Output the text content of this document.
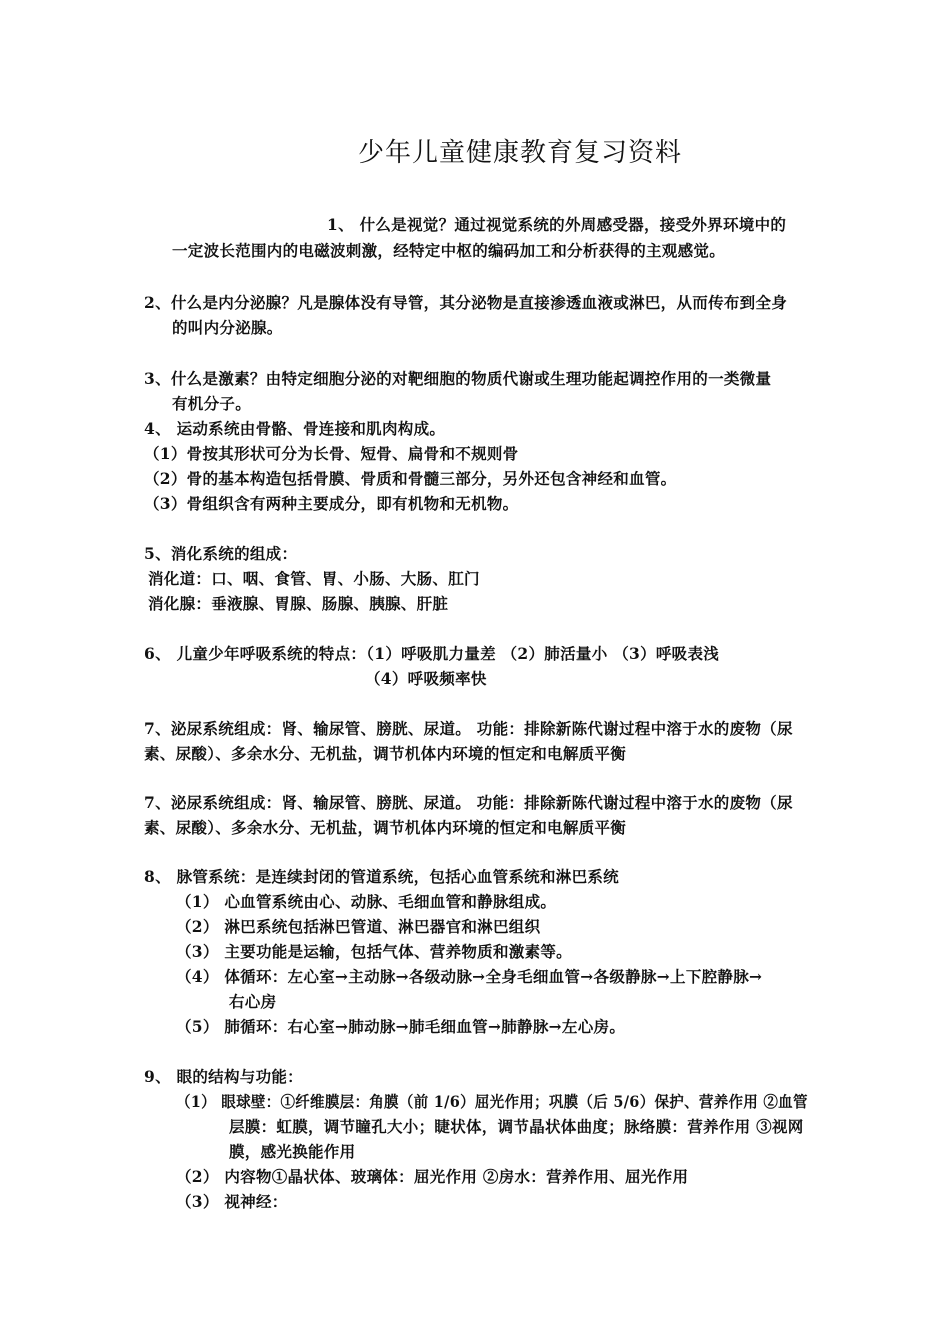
少年儿童健康教育复习资料
1、 什么是视觉？通过视觉系统的外周感受器，接受外界环境中的
一定波长范围内的电磁波刺激，经特定中枢的编码加工和分析获得的主观感觉。
2、什么是内分泌腺？凡是腺体没有导管，其分泌物是直接渗透血液或淋巴，从而传布到全身
的叫内分泌腺。
3、什么是激素？由特定细胞分泌的对靶细胞的物质代谢或生理功能起调控作用的一类微量
有机分子。
4、 运动系统由骨骼、骨连接和肌肉构成。
（1）骨按其形状可分为长骨、短骨、扁骨和不规则骨
（2）骨的基本构造包括骨膜、骨质和骨髓三部分，另外还包含神经和血管。
（3）骨组织含有两种主要成分，即有机物和无机物。
5、消化系统的组成：
消化道：口、咽、食管、胃、小肠、大肠、肛门
消化腺：垂液腺、胃腺、肠腺、胰腺、肝脏
6、 儿童少年呼吸系统的特点：（1）呼吸肌力量差 （2）肺活量小 （3）呼吸表浅
（4）呼吸频率快
7、泌尿系统组成：肾、输尿管、膀胱、尿道。 功能：排除新陈代谢过程中溶于水的废物（尿
素、尿酸）、多余水分、无机盐，调节机体内环境的恒定和电解质平衡
7、泌尿系统组成：肾、输尿管、膀胱、尿道。 功能：排除新陈代谢过程中溶于水的废物（尿
素、尿酸）、多余水分、无机盐，调节机体内环境的恒定和电解质平衡
8、 脉管系统：是连续封闭的管道系统，包括心血管系统和淋巴系统
（1） 心血管系统由心、动脉、毛细血管和静脉组成。
（2） 淋巴系统包括淋巴管道、淋巴器官和淋巴组织
（3） 主要功能是运输，包括气体、营养物质和激素等。
（4） 体循环：左心室→主动脉→各级动脉→全身毛细血管→各级静脉→上下腔静脉→
右心房
（5） 肺循环：右心室→肺动脉→肺毛细血管→肺静脉→左心房。
9、 眼的结构与功能：
（1） 眼球壁：①纤维膜层：角膜（前 1/6）屈光作用；巩膜（后 5/6）保护、营养作用 ②血管
层膜：虹膜，调节瞳孔大小；睫状体，调节晶状体曲度；脉络膜：营养作用 ③视网
膜，感光换能作用
（2） 内容物①晶状体、玻璃体：屈光作用 ②房水：营养作用、屈光作用
（3） 视神经：
